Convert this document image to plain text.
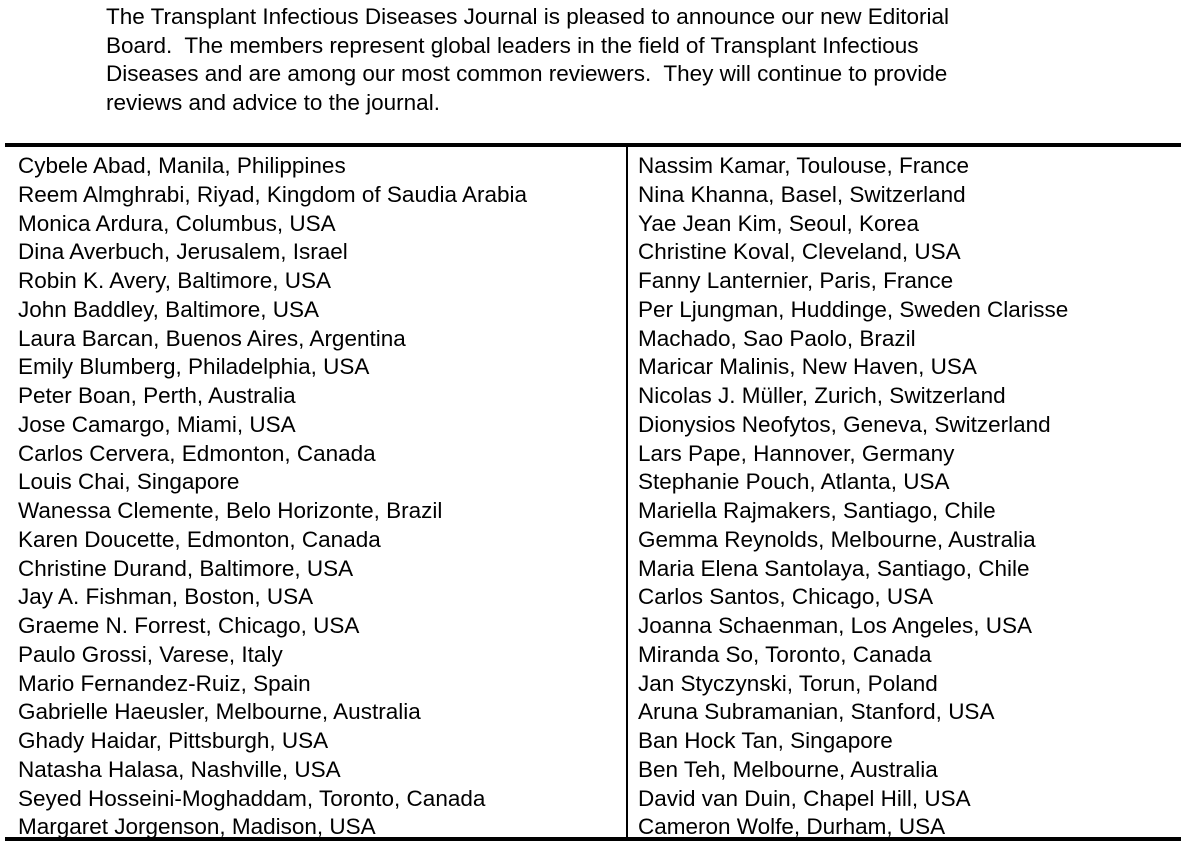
The Transplant Infectious Diseases Journal is pleased to announce our new Editorial
Board.  The members represent global leaders in the field of Transplant Infectious
Diseases and are among our most common reviewers.  They will continue to provide
reviews and advice to the journal.
Cybele Abad, Manila, Philippines
Reem Almghrabi, Riyad, Kingdom of Saudia Arabia
Monica Ardura, Columbus, USA
Dina Averbuch, Jerusalem, Israel
Robin K. Avery, Baltimore, USA
John Baddley, Baltimore, USA
Laura Barcan, Buenos Aires, Argentina
Emily Blumberg, Philadelphia, USA
Peter Boan, Perth, Australia
Jose Camargo, Miami, USA
Carlos Cervera, Edmonton, Canada
Louis Chai, Singapore
Wanessa Clemente, Belo Horizonte, Brazil
Karen Doucette, Edmonton, Canada
Christine Durand, Baltimore, USA
Jay A. Fishman, Boston, USA
Graeme N. Forrest, Chicago, USA
Paulo Grossi, Varese, Italy
Mario Fernandez-Ruiz, Spain
Gabrielle Haeusler, Melbourne, Australia
Ghady Haidar, Pittsburgh, USA
Natasha Halasa, Nashville, USA
Seyed Hosseini-Moghaddam, Toronto, Canada
Margaret Jorgenson, Madison, USA
Nassim Kamar, Toulouse, France
Nina Khanna, Basel, Switzerland
Yae Jean Kim, Seoul, Korea
Christine Koval, Cleveland, USA
Fanny Lanternier, Paris, France
Per Ljungman, Huddinge, Sweden Clarisse
Machado, Sao Paolo, Brazil
Maricar Malinis, New Haven, USA
Nicolas J. Müller, Zurich, Switzerland
Dionysios Neofytos, Geneva, Switzerland
Lars Pape, Hannover, Germany
Stephanie Pouch, Atlanta, USA
Mariella Rajmakers, Santiago, Chile
Gemma Reynolds, Melbourne, Australia
Maria Elena Santolaya, Santiago, Chile
Carlos Santos, Chicago, USA
Joanna Schaenman, Los Angeles, USA
Miranda So, Toronto, Canada
Jan Styczynski, Torun, Poland
Aruna Subramanian, Stanford, USA
Ban Hock Tan, Singapore
Ben Teh, Melbourne, Australia
David van Duin, Chapel Hill, USA
Cameron Wolfe, Durham, USA
